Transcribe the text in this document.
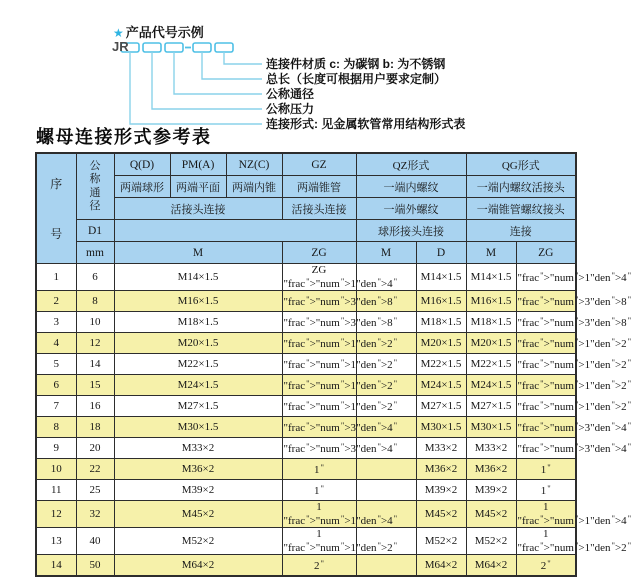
★ 产品代号示例
JR
连接件材质 c: 为碳钢 b: 为不锈钢
总长（长度可根据用户要求定制）
公称通径
公称压力
连接形式: 见金属软管常用结构形式表
螺母连接形式参考表
序号	公称通径	Q(D)	PM(A)	NZ(C)	GZ	QZ形式		QG形式	
		两端球形	两端平面	两端内锥	两端锥管	一端内螺纹		一端内螺纹活接头	
		活接头连接			活接头连接	一端外螺纹		一端锥管螺纹接头	
	D1					球形接头连接		连接	
	mm	M			ZG	M	D	M	ZG
1	6	M14×1.5			ZG "frac">"num">1" " "		M14×1.5	M14×1.5	"frac">"num">1"den">4"
2	8	M16×1.5			"frac">"num">3" " "		M16×1.5	M16×1.5	"frac">"num">3"den">8"
3	10	M18×1.5			"frac">"num">3" " "		M18×1.5	M18×1.5	"frac">"num">3"den">8"
4	12	M20×1.5			"frac">"num">1" " "		M20×1.5	M20×1.5	"frac">"num">1"den">2"
5	14	M22×1.5			"frac">"num">1" " "		M22×1.5	M22×1.5	"frac">"num">1"den">2"
6	15	M24×1.5			"frac">"num">1" " "		M24×1.5	M24×1.5	"frac">"num">1"den">2"
7	16	M27×1.5			"frac">"num">1" " "		M27×1.5	M27×1.5	"frac">"num">1"den">2"
8	18	M30×1.5			"frac">"num">3" " "		M30×1.5	M30×1.5	"frac">"num">3"den">4"
9	20	M33×2			"frac">"num">3" " "		M33×2	M33×2	"frac">"num">3"den">4"
10	22	M36×2			1"		M36×2	M36×2	1"
11	25	M39×2			1"		M39×2	M39×2	1"
12	32	M45×2			1 "frac">"num">1" " "		M45×2	M45×2	1 "frac">"num">1"den">4"
13	40	M52×2			1 "frac">"num">1" " "		M52×2	M52×2	1 "frac">"num">1"den">2"
14	50	M64×2			2"		M64×2	M64×2	2"
